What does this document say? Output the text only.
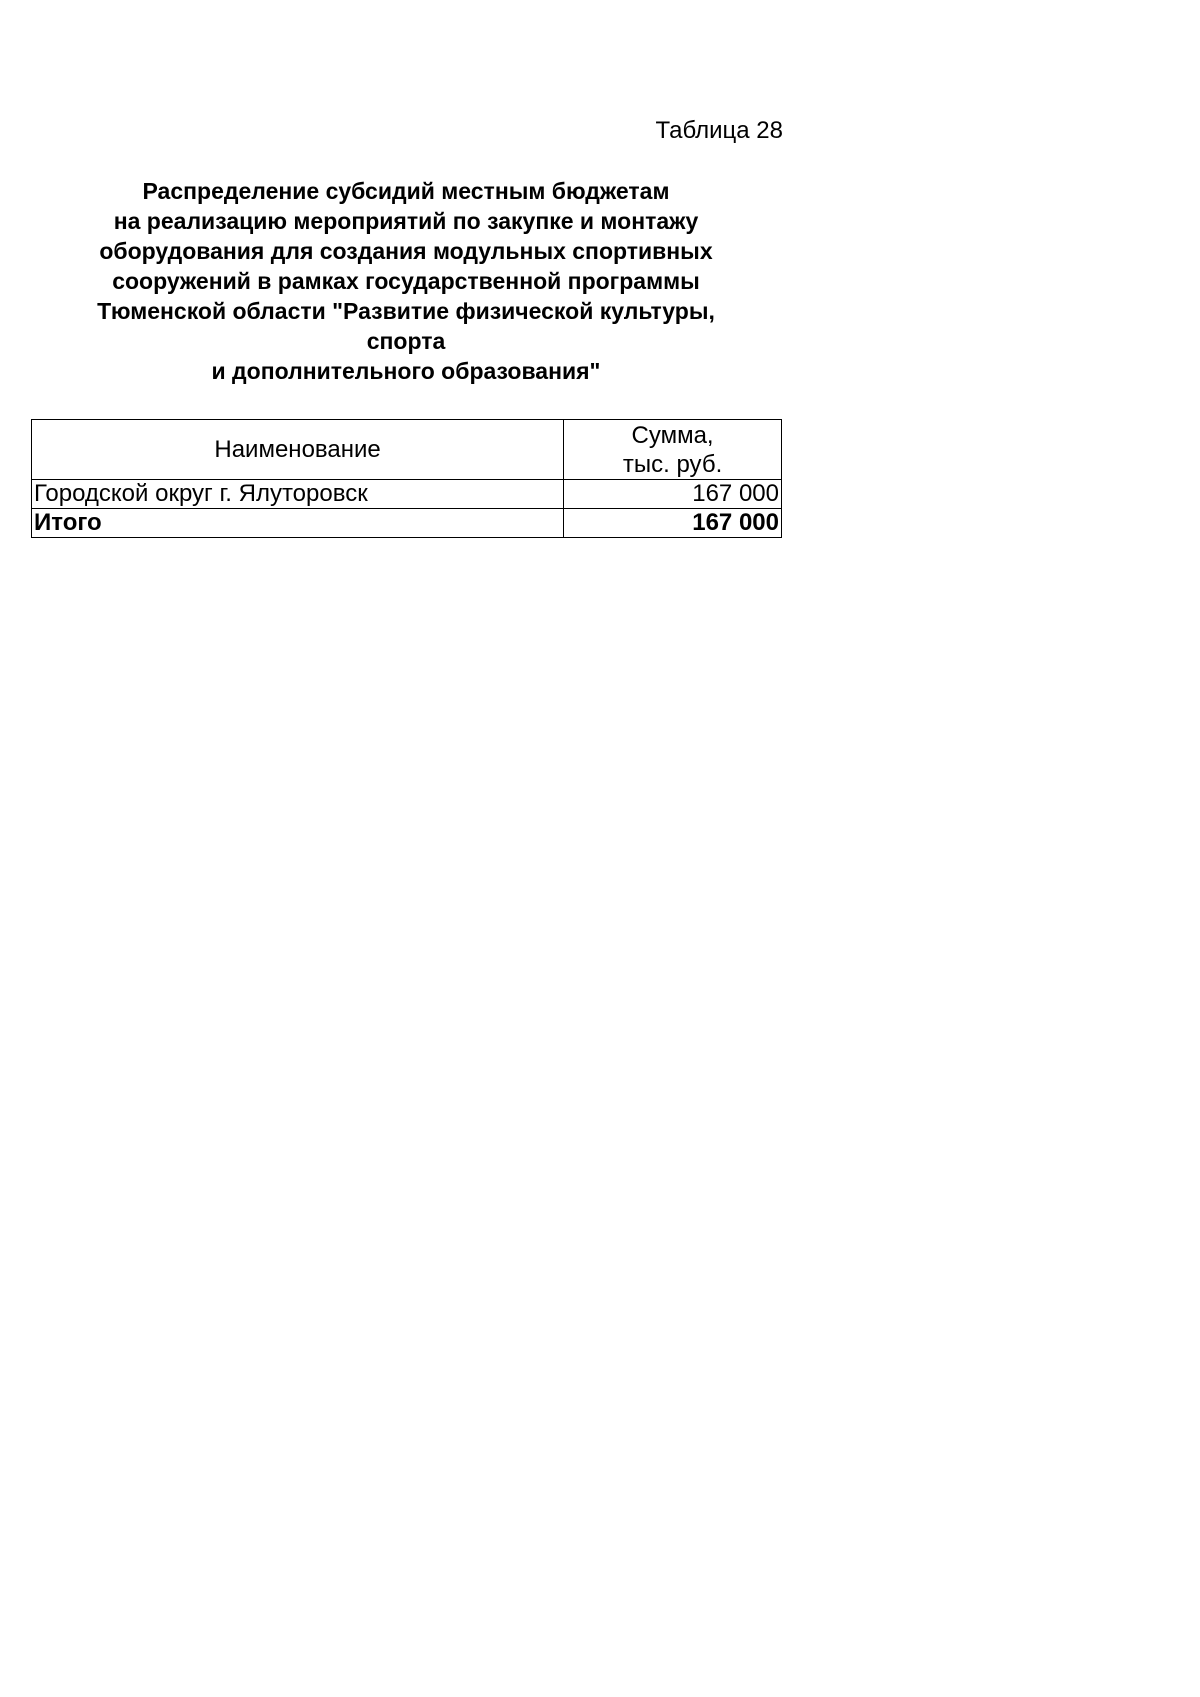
Таблица 28
Распределение субсидий местным бюджетам
на реализацию мероприятий по закупке и монтажу
оборудования для создания модульных спортивных
сооружений в рамках государственной программы
Тюменской области "Развитие физической культуры,
спорта
и дополнительного образования"
Наименование	Сумма,
тыс. руб.

Городской округ г. Ялуторовск	167 000
Итого	167 000
